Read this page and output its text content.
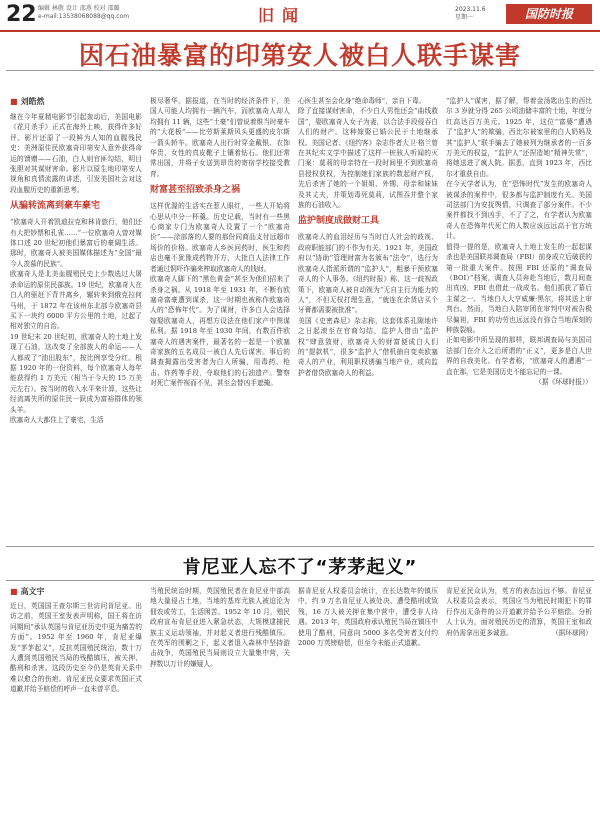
22 编辑 林敬 设计 邵燕 校对 邵璐
e-mail:13538068088@qq.com	旧闻	2023.11.6
星期一	国防时报
因石油暴富的印第安人被白人联手谋害
■ 刘皓然
继在今年夏精电影节引起轰动后，美国电影《花月杀手》正式在海外上映，获得许多好评。影片还原了一段鲜为人知的血腥残民史：美洲原住民欧塞奇印第安人意外获得命运的馈赠——石油，白人则官匪勾结，明目张胆对其谋财害命。影片以原生地印第安人视角和真情流露的讲述，引发美国社会对这段血腥历史的重新思考。
从骗转流离到豪车豪宅
“欧塞奇人开着凯迪拉克和林肯旅行，他们还有大把钞票和孔雀……”一位欧塞奇人曾对媒体口述 20 世纪初他们暴富后的豪阔生活。那时，欧塞奇人被美国媒体描述为“全国”最今人羡慕的民族”。
欧塞奇人是北美血腥殖民史上少数选过大屠杀命运的原住民部族。19 世纪，欧塞奇人在白人的驱赶下背井离乡，辗转来到俄克拉何马州，于 1872 年在该州东北部今欧塞奇县买下一块约 6000 平方公里的土地，过起了相对独立的自治。
19 世纪末 20 世纪初，欧塞奇人的土地上发现了石油，这改变了全部族人的命运——人人都成了“油田股东”，按比例享受分红。根据 1920 年的一份资料，每个欧塞奇人每年能获得约 1 万美元（相当于今天的 15 万美元左右）。按当时的收入水平来计算，这些让经流离失所的原住民一跃成为富裕群体的领头羊。
欧塞奇人大都住上了豪宅，生活
极尽奢华。据报道，在当时的经济条件下，美国人可能人均拥有一辆汽车，而欧塞奇人却人均拥有 11 辆，这些“土豪”们曾说着维当时豪车的“大花板”——比劳斯莱斯风头更盛的皮尔斯一箭头轿车。欧塞奇人出行时穿金戴银、衣饰华贵，女性的真皮靴子上镶着钻石。他们还常常出国，并将子女送到昂贵的寄宿学校接受教育。
财富甚至招致杀身之祸
这样优渥的生活实在惹人眼红，一些人开始将心思从中分一杯羹。历史记载，当时有一些黑心商家专门为欧塞奇人设置了一个“欧塞奇价”——涂部落的人要的那份同商品支付远超市场价的价格。欧塞奇人乡医问药时，医生和药店也毫不犹豫成药物开方，大批白人法律工作者通过恫吓诈骗来榨取欧塞奇人的钱财。
欧塞奇人脚下的“黑色黄金”甚至为他们招来了杀身之祸。从 1918 年至 1931 年，不断有欧塞奇富豪遭到谋杀，这一时期也被称作欧塞奇人的“恐怖年代”。为了谋财，许多白人会选择嫁娶欧塞奇人，再想方设法在他们家产中图谋私利。据 1918 年至 1930 年间，有数百件欧塞奇人的遇害案件，最著名的一起是一个欧塞奇家族的五名成员一被白人先后谋害。事后的调查揭露出受害者为白人所骗，用毒药、枪击、炸药等手段，夺取他们的石油遗产。警察对死亡案件视而不见，甚至会替凶手遮掩。
心医生甚至会化身“绝命毒师”，亲自下毒。
除了直接谋财害命，不少白人男性还会“曲线救国”，娶欧塞奇人女子为妻，以合法手段侵吞白人们的财产。这种嫁娶已婚公民于土地继承权。美国记者、《纽约客》杂志作者大卫·格兰曾在其纪实文学中描述了这样一桩骇人听闻的灭门案：莫莉的母亲特在一段时间里不到欧塞奇县授权获权，为控制她们家族的数起财产权，先后杀害了她的一个姐姐、外甥、母亲和妹妹及其丈夫，并策划毒死莫莉，试图吞并整个家族的石油收入。
监护制度成做财工具
欧塞奇人的血泪经历与当时白人社会的歧视、政府职能部门的不作为有关。1921 年，美国政府以“协助”管理财富为名颁布“法令”，选行为欧塞奇人指派所谓的“监护人”，粗暴干预欧塞奇人的个人事务。《纽约时报》称，这一歧视政策下，欧塞奇人被自动视为“无自主行为能力的人”，不但无权打理生意，“就连在余货店买个牙膏都需要被批准”。
美国《史密森尼》杂志称，这套体系孔隙地许之日起滚至在官商勾结，监护人借由“监护权”肆意敛财，欧塞奇人的财富便成白人们的“提款机”，很多“监护人”借机抽自变卖欧塞奇人的产业，利用职权诱骗当地产业，或向监护者借贷欧塞奇人的利益。
“监护人”谋害，据了解，帮着金汤匙出生的西比尔 3 岁就分得 265 公顷油储丰富的土地，年度分红高达百万美元。1925 年，这位“富婆”遭遇了“监护人”的欺骗，西比尔被家里的白人奶妈及其“监护人”联手骗去了她被列为继承者的一百多万美元的权益，“监护人”还捏造她“精神失常”，将她送进了疯人院。据悉，直到 1923 年，西比尔才重获自由。
在今天学者认为，在“恐怖时代”发生的欧塞奇人被谋杀的案件中，很多都与监护制度有关。美国司法部门为安抚舆情，只调查了部分案件。不少案件都找不到凶手，不了了之，有学者认为欧塞奇人在恐怖年代死亡的人数应该远远高于官方统计。
值得一提的是，欧塞奇人土地上发生的一起起谋杀也是美国联邦调查局（FBI）前身成立后破获的第一批重大案件。按照 FBI 还原的“调查局（BOI）”档案，调查人员奔赴当地后，数月间查出真凶，FBI 也借此一战成名。他们抓获了幕后主谋之一、当地白人大亨威廉·黑尔，将其送上审判台。然而，当地白人陪审团在审判中对被告极尽偏袒，FBI 的功劳也远远没有弥合当地深刻的种族裂痕。
正如电影中所呈现的那样，联邦调查局与美国司法部门在介入之后所谓的“正义”，更多是白人世界的自我美化。有学者称，“欧塞奇人的遭遇”一直在那，它是美国历史不能忘记的一课。
（据《环球时报》）
肯尼亚人忘不了“茅茅起义”
■ 高文宇
近日，英国国王查尔斯三世访问肯尼亚。出访之前，英国王室发表声明称，国王将在访问期间“承认英国与肯尼亚历史中更为痛苦的方面”。1952 年至 1960 年，肯尼亚爆发“茅茅起义”，反抗英国殖民统治，数十万人遭到英国殖民当局的残酷镇压，被关押、酷刑和杀害。这段历史至今仍是英肯关系中难以愈合的伤疤。肯尼亚民众要求英国正式道歉并给予赔偿的呼声一直未曾平息。
当殖民统治时期，英国殖民者在肯尼亚中部高地大量侵占土地，当地的基库尤族人被迫沦为佃农或劳工，生活困苦。1952 年 10 月，殖民政府宣布肯尼亚进入紧急状态，大规模逮捕民族主义运动领袖，并对起义者进行残酷镇压。在英军的围剿之下，起义者退入森林中坚持游击战争，英国殖民当局则设立大量集中营，关押数以万计的嫌疑人。
据肯尼亚人权委员会统计，在长达数年的镇压中，约 9 万名肯尼亚人被处决、遭受酷刑或致残，16 万人被关押在集中营中，遭受非人待遇。2013 年，英国政府承认殖民当局在镇压中使用了酷刑，同意向 5000 多名受害者支付约 2000 万英镑赔偿，但至今未能正式道歉。
肯尼亚民众认为，英方的表态远远不够。肯尼亚人权委员会表示，英国应当为殖民时期犯下的罪行作出无条件的公开道歉并给予公平赔偿。分析人士认为，面对殖民历史的清算，英国王室和政府仍需拿出更多诚意。	（据环球网）
